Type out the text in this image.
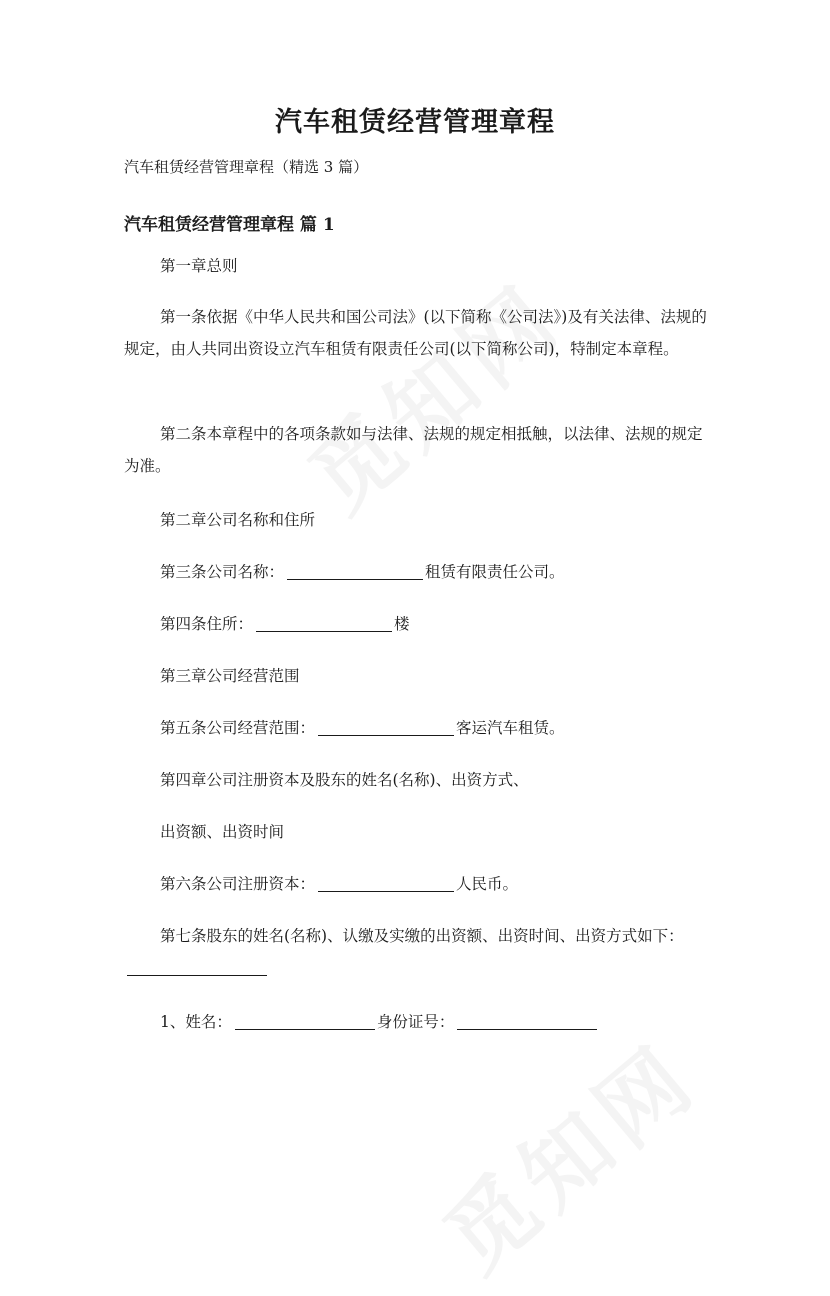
汽车租赁经营管理章程
汽车租赁经营管理章程（精选 3 篇）
汽车租赁经营管理章程 篇 1
第一章总则
第一条依据《中华人民共和国公司法》(以下简称《公司法》)及有关法律、法规的规定，由人共同出资设立汽车租赁有限责任公司(以下简称公司)，特制定本章程。
第二条本章程中的各项条款如与法律、法规的规定相抵触，以法律、法规的规定为准。
第二章公司名称和住所
第三条公司名称：	租赁有限责任公司。
第四条住所：	楼
第三章公司经营范围
第五条公司经营范围：	客运汽车租赁。
第四章公司注册资本及股东的姓名(名称)、出资方式、
出资额、出资时间
第六条公司注册资本：	人民币。
第七条股东的姓名(名称)、认缴及实缴的出资额、出资时间、出资方式如下：
1、姓名：	身份证号：
